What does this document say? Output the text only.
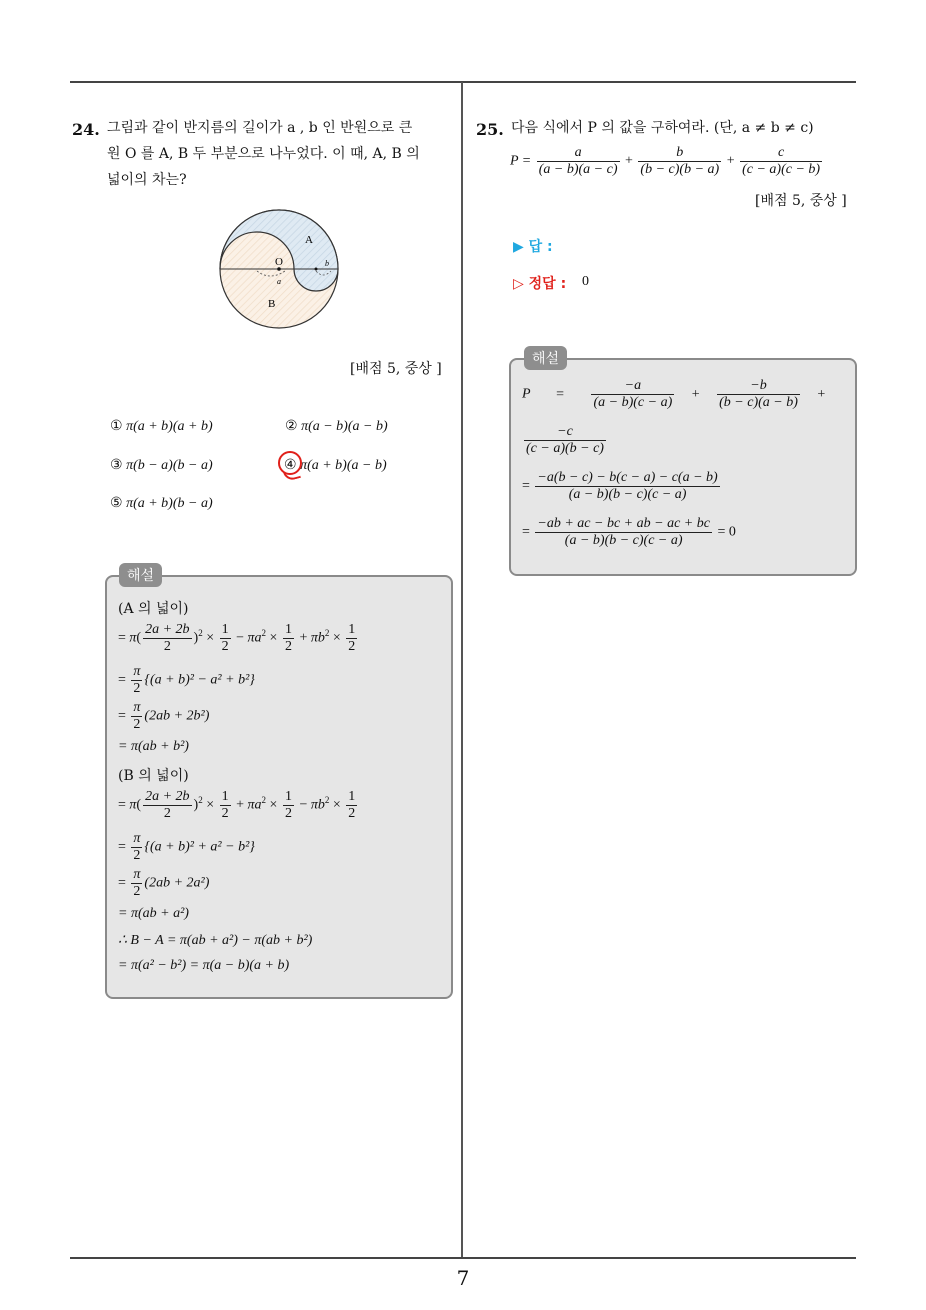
7
24. 그림과 같이 반지름의 길이가 a , b 인 반원으로 큰
원 O 를 A, B 두 부분으로 나누었다. 이 때, A, B 의
넓이의 차는?
A
B
O
a
b
[배점 5, 중상 ]
① π(a + b)(a + b)	② π(a − b)(a − b)
③ π(b − a)(b − a)	④ π(a + b)(a − b)
⑤ π(a + b)(b − a)
해설
(A 의 넓이)
= $\pi( \frac{2a + 2b}{2} )^2 \times \frac{1}{2} - \pi a^2 \times \frac{1}{2} + \pi b^2 \times \frac{1}{2}$
= $\frac{\pi}{2} \{(a + b)^2 - a^2 + b^2\}$
= $\frac{\pi}{2} (2ab + 2b^2)$
= π(ab + b²)
(B 의 넓이)
= $\pi( \frac{2a + 2b}{2} )^2 \times \frac{1}{2} + \pi a^2 \times \frac{1}{2} - \pi b^2 \times \frac{1}{2}$
= $\frac{\pi}{2} \{(a + b)^2 + a^2 - b^2\}$
= $\frac{\pi}{2} (2ab + 2a^2)$
= π(ab + a²)
∴ B − A = π(ab + a²) − π(ab + b²)
= π(a² − b²) = π(a − b)(a + b)
25. 다음 식에서 P 의 값을 구하여라. (단, a ≠ b ≠ c)
$P = \frac{a}{(a - b)(a - c)} + \frac{b}{(b - c)(b - a)} + \frac{c}{(c - a)(c - b)}$
[배점 5, 중상 ]
▶ 답 :
▷ 정답 : 0
해설
$P = \frac{-a}{(a - b)(c - a)} + \frac{-b}{(b - c)(a - b)}$ +
$\frac{-c}{(c - a)(b - c)}$
= $\frac{-a(b - c) - b(c - a) - c(a - b)}{(a - b)(b - c)(c - a)}$
= $\frac{-ab + ac - bc + ab - ac + bc}{(a - b)(b - c)(c - a)} = 0$
